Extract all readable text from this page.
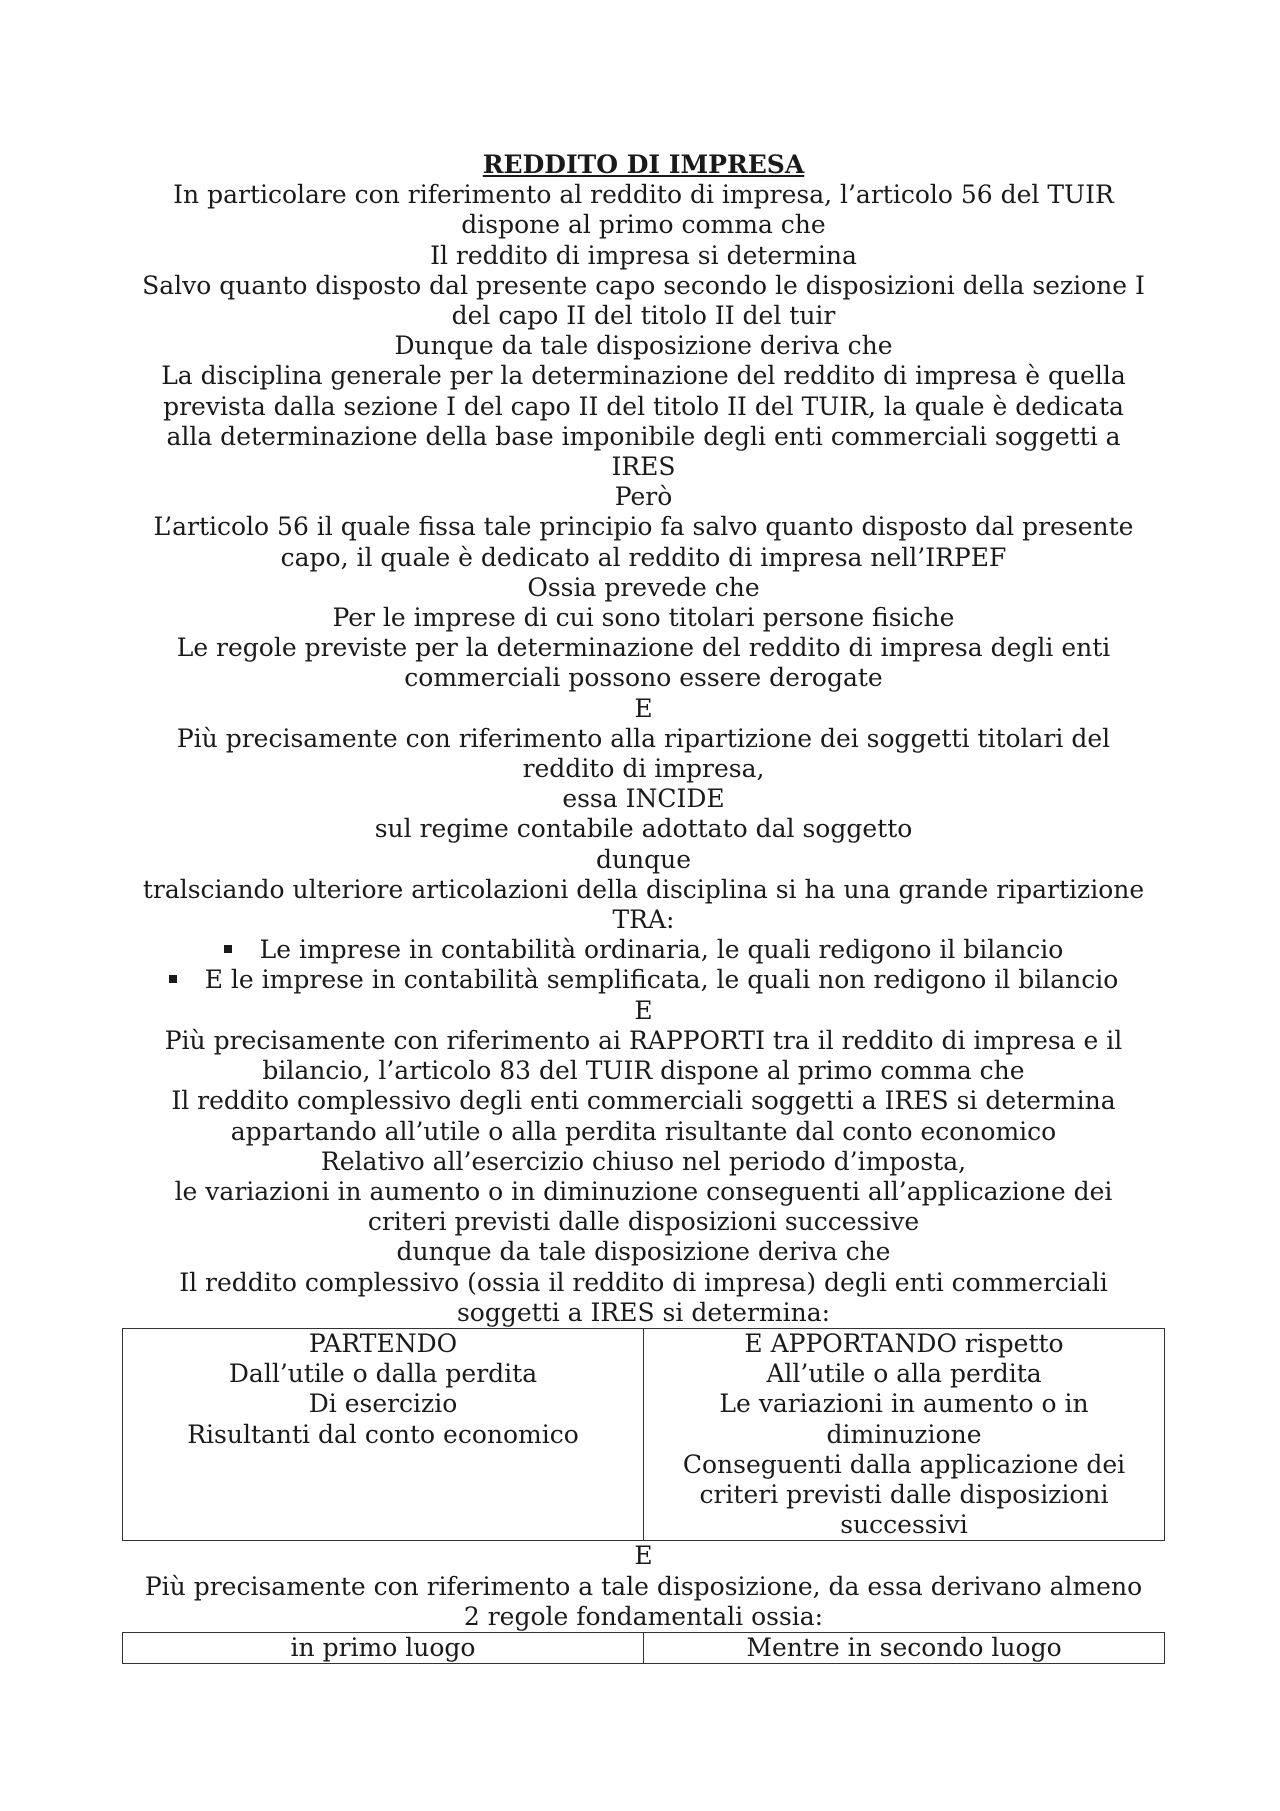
REDDITO DI IMPRESA

In particolare con riferimento al reddito di impresa, l’articolo 56 del TUIR
dispone al primo comma che
Il reddito di impresa si determina
Salvo quanto disposto dal presente capo secondo le disposizioni della sezione I
del capo II del titolo II del tuir
Dunque da tale disposizione deriva che
La disciplina generale per la determinazione del reddito di impresa è quella
prevista dalla sezione I del capo II del titolo II del TUIR, la quale è dedicata
alla determinazione della base imponibile degli enti commerciali soggetti a
IRES
Però
L’articolo 56 il quale fissa tale principio fa salvo quanto disposto dal presente
capo, il quale è dedicato al reddito di impresa nell’IRPEF
Ossia prevede che
Per le imprese di cui sono titolari persone fisiche
Le regole previste per la determinazione del reddito di impresa degli enti
commerciali possono essere derogate
E
Più precisamente con riferimento alla ripartizione dei soggetti titolari del
reddito di impresa,
essa INCIDE
sul regime contabile adottato dal soggetto
dunque
tralsciando ulteriore articolazioni della disciplina si ha una grande ripartizione
TRA:
Le imprese in contabilità ordinaria, le quali redigono il bilancio
E le imprese in contabilità semplificata, le quali non redigono il bilancio
E
Più precisamente con riferimento ai RAPPORTI tra il reddito di impresa e il
bilancio, l’articolo 83 del TUIR dispone al primo comma che
Il reddito complessivo degli enti commerciali soggetti a IRES si determina
appartando all’utile o alla perdita risultante dal conto economico
Relativo all’esercizio chiuso nel periodo d’imposta,
le variazioni in aumento o in diminuzione conseguenti all’applicazione dei
criteri previsti dalle disposizioni successive
dunque da tale disposizione deriva che
Il reddito complessivo (ossia il reddito di impresa) degli enti commerciali
soggetti a IRES si determina:
PARTENDO
Dall’utile o dalla perdita
Di esercizio
Risultanti dal conto economico

E APPORTANDO rispetto
All’utile o alla perdita
Le variazioni in aumento o in
diminuzione
Conseguenti dalla applicazione dei
criteri previsti dalle disposizioni
successivi
E
Più precisamente con riferimento a tale disposizione, da essa derivano almeno
2 regole fondamentali ossia:
in primo luogo	Mentre in secondo luogo
